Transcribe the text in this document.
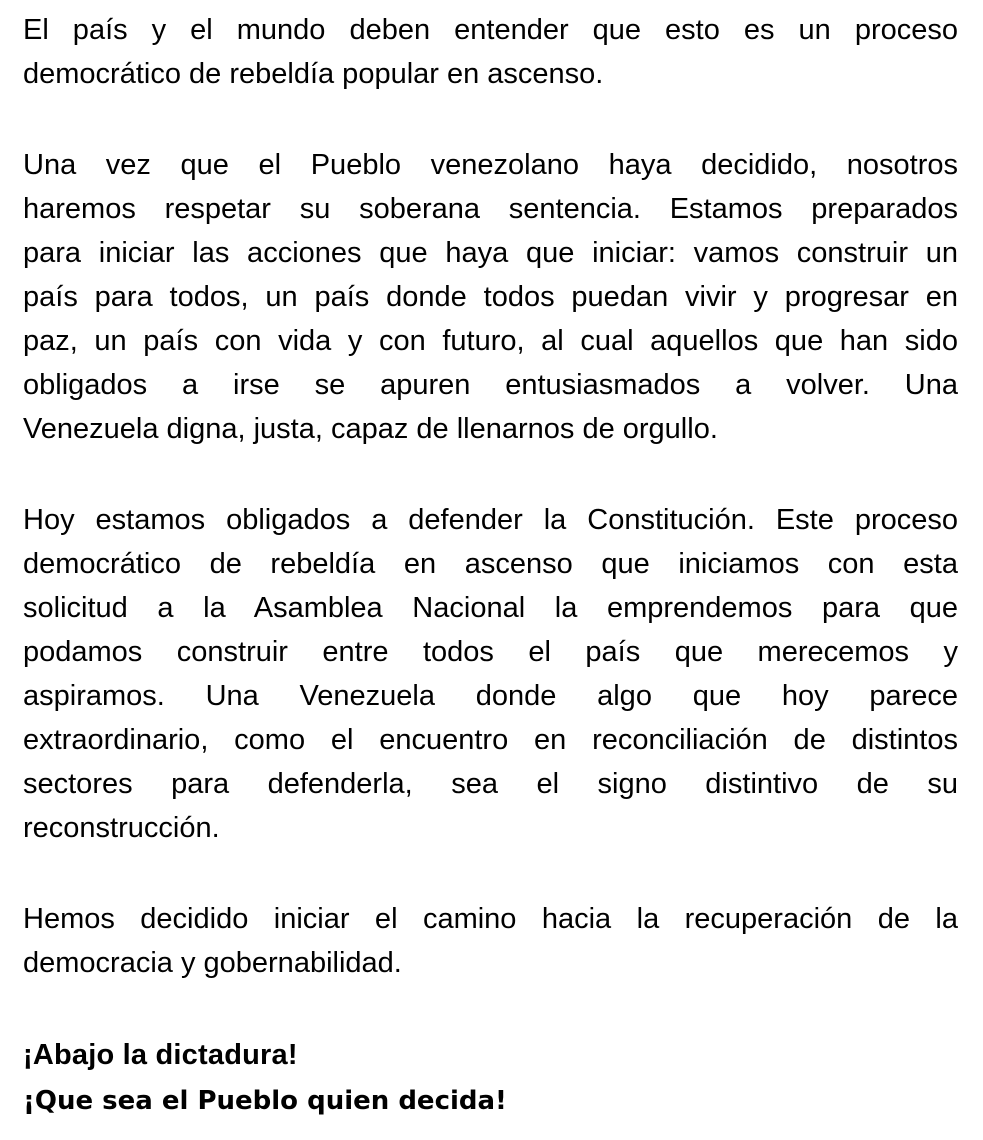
El país y el mundo deben entender que esto es un proceso
democrático de rebeldía popular en ascenso.
Una vez que el Pueblo venezolano haya decidido, nosotros
haremos respetar su soberana sentencia. Estamos preparados
para iniciar las acciones que haya que iniciar: vamos construir un
país para todos, un país donde todos puedan vivir y progresar en
paz, un país con vida y con futuro, al cual aquellos que han sido
obligados a irse se apuren entusiasmados a volver. Una
Venezuela digna, justa, capaz de llenarnos de orgullo.
Hoy estamos obligados a defender la Constitución. Este proceso
democrático de rebeldía en ascenso que iniciamos con esta
solicitud a la Asamblea Nacional la emprendemos para que
podamos construir entre todos el país que merecemos y
aspiramos. Una Venezuela donde algo que hoy parece
extraordinario, como el encuentro en reconciliación de distintos
sectores para defenderla, sea el signo distintivo de su
reconstrucción.
Hemos decidido iniciar el camino hacia la recuperación de la
democracia y gobernabilidad.
¡Abajo la dictadura!
¡Que sea el Pueblo quien decida!
